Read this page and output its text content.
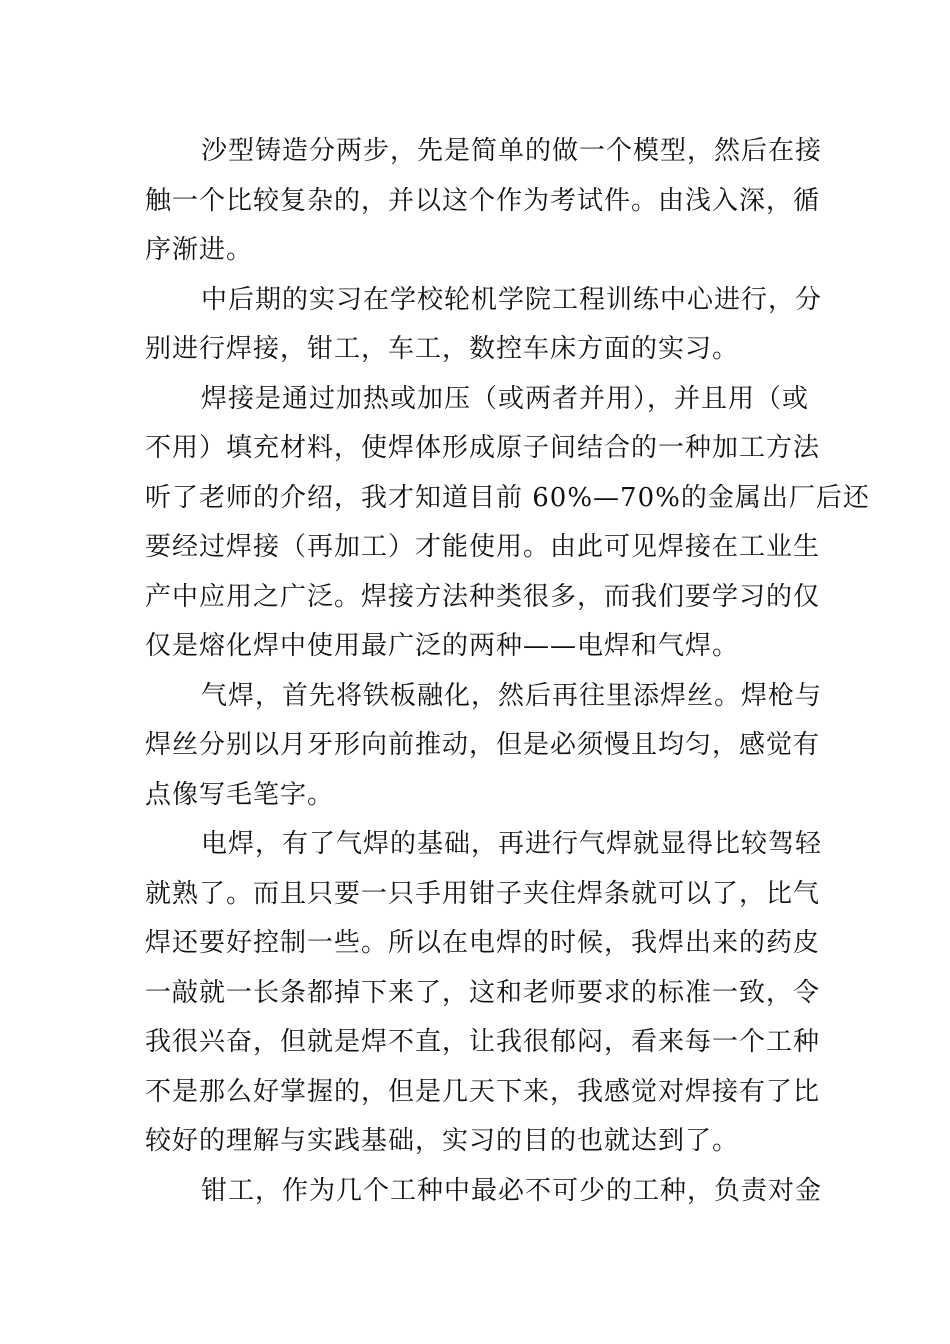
沙型铸造分两步，先是简单的做一个模型，然后在接
触一个比较复杂的，并以这个作为考试件。由浅入深，循
序渐进。
中后期的实习在学校轮机学院工程训练中心进行，分
别进行焊接，钳工，车工，数控车床方面的实习。
焊接是通过加热或加压（或两者并用），并且用（或
不用）填充材料，使焊体形成原子间结合的一种加工方法
听了老师的介绍，我才知道目前 60%—70%的金属出厂后还
要经过焊接（再加工）才能使用。由此可见焊接在工业生
产中应用之广泛。焊接方法种类很多，而我们要学习的仅
仅是熔化焊中使用最广泛的两种——电焊和气焊。
气焊，首先将铁板融化，然后再往里添焊丝。焊枪与
焊丝分别以月牙形向前推动，但是必须慢且均匀，感觉有
点像写毛笔字。
电焊，有了气焊的基础，再进行气焊就显得比较驾轻
就熟了。而且只要一只手用钳子夹住焊条就可以了，比气
焊还要好控制一些。所以在电焊的时候，我焊出来的药皮
一敲就一长条都掉下来了，这和老师要求的标准一致，令
我很兴奋，但就是焊不直，让我很郁闷，看来每一个工种
不是那么好掌握的，但是几天下来，我感觉对焊接有了比
较好的理解与实践基础，实习的目的也就达到了。
钳工，作为几个工种中最必不可少的工种，负责对金
